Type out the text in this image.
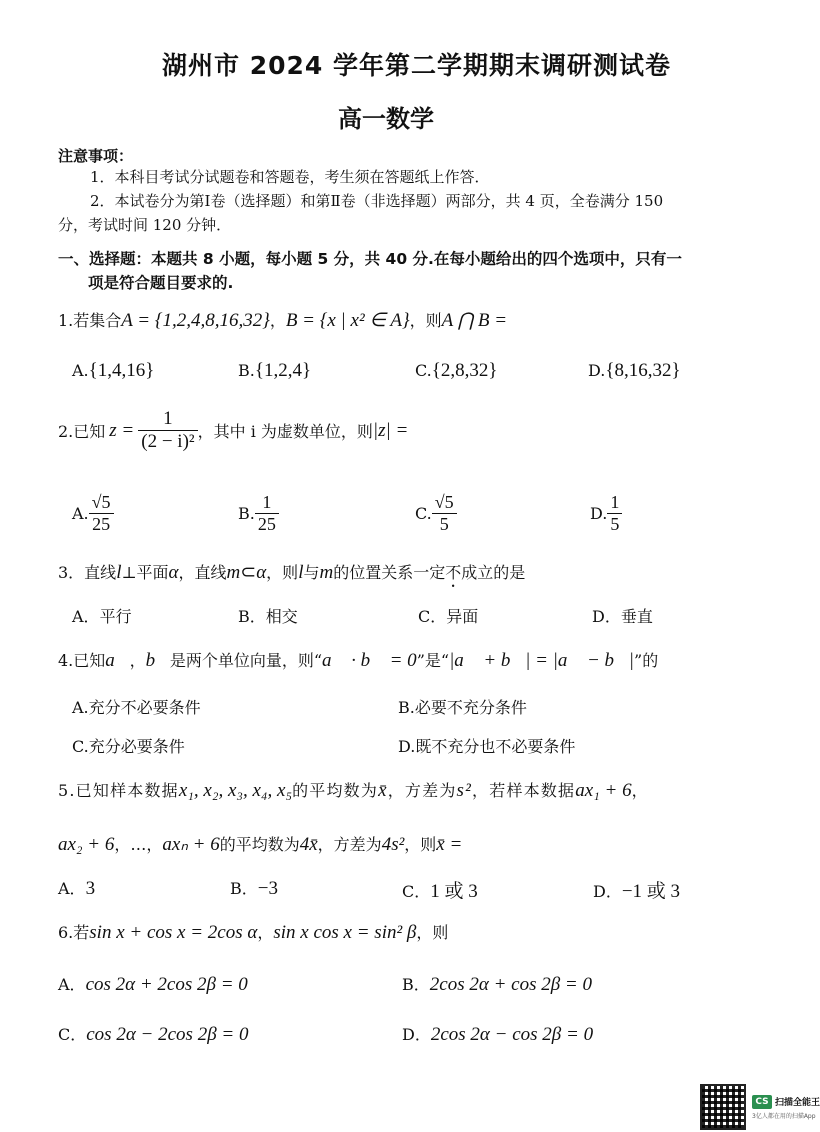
湖州市 2024 学年第二学期期末调研测试卷
高一数学
注意事项：
1．本科目考试分试题卷和答题卷，考生须在答题纸上作答．
2．本试卷分为第Ⅰ卷（选择题）和第Ⅱ卷（非选择题）两部分，共 4 页，全卷满分 150
分，考试时间 120 分钟．
一、选择题：本题共 8 小题，每小题 5 分，共 40 分.在每小题给出的四个选项中，只有一
项是符合题目要求的.
1.若集合A = {1,2,4,8,16,32}，B = {x | x² ∈ A}，则A ⋂ B =
A.{1,4,16}	B.{1,2,4}	C.{2,8,32}	D.{8,16,32}
2.已知 $z = \frac{1}{\text{(2 − i)²}}$ ，其中 i 为虚数单位，则 |z| =
A. $\frac{√5}{25}$	B. $\frac{1}{25}$	C. $\frac{√5}{5}$	D. $\frac{1}{5}$
3．直线l⊥平面α，直线m⊂α，则l与m的位置关系一定不成立的是
A．平行	B．相交	C．异面	D．垂直
4.已知a⃗，b⃗是两个单位向量，则“a⃗ · b⃗ = 0”是“|a⃗ + b⃗| = |a⃗ − b⃗|”的
A.充分不必要条件	B.必要不充分条件
C.充分必要条件	D.既不充分也不必要条件
5.已知样本数据x₁, x₂, x₃, x₄, x₅的平均数为x̄，方差为s²，若样本数据ax₁ + 6，
ax₂ + 6，…，axₙ + 6的平均数为4x̄，方差为4s²，则x̄ =
A．3	B．−3	C．1 或 3	D．−1 或 3
6.若sin x + cos x = 2cos α，sin x cos x = sin² β，则
A．cos 2α + 2cos 2β = 0	B．2cos 2α + cos 2β = 0
C．cos 2α − 2cos 2β = 0	D．2cos 2α − cos 2β = 0
CS 扫描全能王
3亿人都在用的扫描App
